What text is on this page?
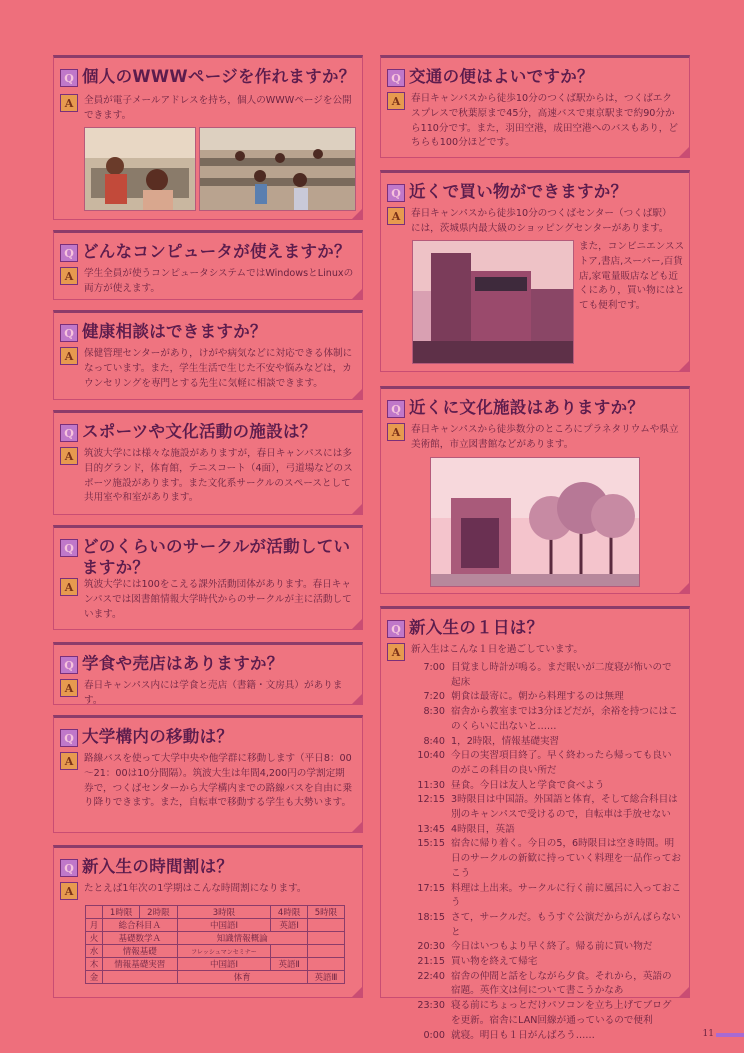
Q 個人のWWWページを作れますか？
A	全員が電子メールアドレスを持ち，個人のWWWページを公開できます。
Q どんなコンピュータが使えますか？
A	学生全員が使うコンピュータシステムではWindowsとLinuxの両方が使えます。
Q 健康相談はできますか？
A	保健管理センターがあり，けがや病気などに対応できる体制になっています。また，学生生活で生じた不安や悩みなどは，カウンセリングを専門とする先生に気軽に相談できます。
Q スポーツや文化活動の施設は？
A	筑波大学には様々な施設がありますが，春日キャンパスには多目的グランド，体育館，テニスコート（4面），弓道場などのスポーツ施設があります。また文化系サークルのスペースとして共用室や和室があります。
Q どのくらいのサークルが活動していますか？
A	筑波大学には100をこえる課外活動団体があります。春日キャンパスでは図書館情報大学時代からのサークルが主に活動しています。
Q 学食や売店はありますか？
A	春日キャンパス内には学食と売店（書籍・文房具）があります。
Q 大学構内の移動は？
A	路線バスを使って大学中央や他学群に移動します（平日8：00～21：00は10分間隔）。筑波大生は年間4,200円の学割定期券で，つくばセンターから大学構内までの路線バスを自由に乗り降りできます。また，自転車で移動する学生も大勢います。
Q 新入生の時間割は？
A	たとえば1年次の1学期はこんな時間割になります。
	1時限	2時限	3時限	4時限	5時限
月	総合科目Ａ		中国語Ⅰ	英語Ⅰ	
火	基礎数学Ａ		知識情報概論		
水	情報基礎		フレッシュマンセミナー		
木	情報基礎実習		中国語Ⅰ	英語Ⅱ	
金			体育		英語Ⅲ
Q 交通の便はよいですか？
A	春日キャンパスから徒歩10分のつくば駅からは，つくばエクスプレスで秋葉原まで45分，高速バスで東京駅まで約90分から110分です。また，羽田空港，成田空港へのバスもあり，どちらも100分ほどです。
Q 近くで買い物ができますか？
A	春日キャンパスから徒歩10分のつくばセンター（つくば駅）には，茨城県内最大級のショッピングセンターがあります。
また，コンビニエンスストア,書店,スーパー,百貨店,家電量販店なども近くにあり，買い物にはとても便利です。
Q 近くに文化施設はありますか？
A	春日キャンパスから徒歩数分のところにプラネタリウムや県立美術館，市立図書館などがあります。
Q 新入生の１日は？
A	新入生はこんな１日を過ごしています。
7:00 目覚まし時計が鳴る。まだ眠いが二度寝が怖いので起床
7:20 朝食は最寄に。朝から料理するのは無理
8:30 宿舎から教室までは3分ほどだが，余裕を持つにはこのくらいに出ないと……
8:40 1，2時限，情報基礎実習
10:40 今日の実習項目終了。早く終わったら帰っても良いのがこの科目の良い所だ
11:30 昼食。今日は友人と学食で食べよう
12:15 3時限目は中国語。外国語と体育，そして総合科目は別のキャンパスで受けるので，自転車は手放せない
13:45 4時限目，英語
15:15 宿舎に帰り着く。今日の5，6時限目は空き時間。明日のサークルの新歓に持っていく料理を一品作っておこう
17:15 料理は上出来。サークルに行く前に風呂に入っておこう
18:15 さて，サークルだ。もうすぐ公演だからがんばらないと
20:30 今日はいつもより早く終了。帰る前に買い物だ
21:15 買い物を終えて帰宅
22:40 宿舎の仲間と話をしながら夕食。それから，英語の宿題。英作文は何について書こうかなあ
23:30 寝る前にちょっとだけパソコンを立ち上げてブログを更新。宿舎にLAN回線が通っているので便利
0:00 就寝。明日も１日がんばろう……	11
